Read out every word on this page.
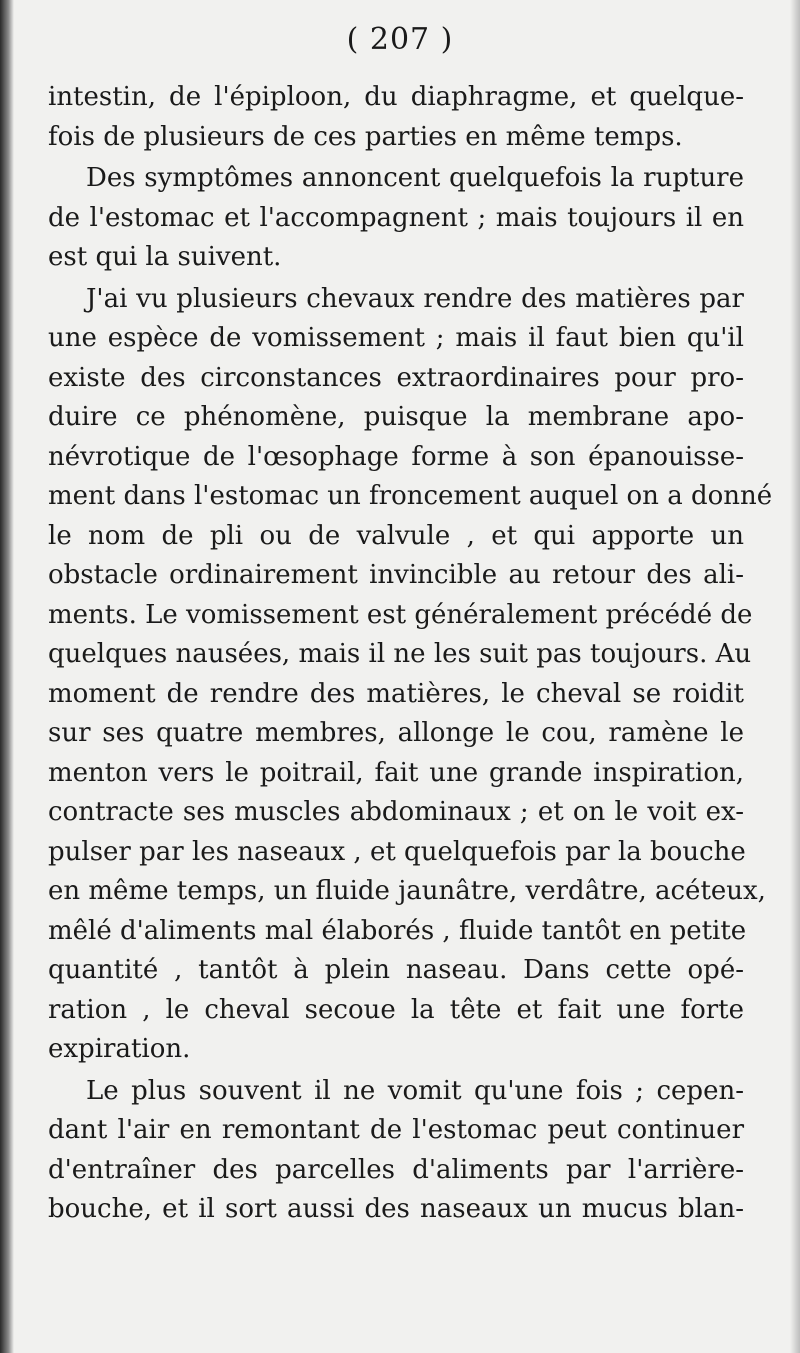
( 207 )
intestin, de l'épiploon, du diaphragme, et quelque-
fois de plusieurs de ces parties en même temps.
Des symptômes annoncent quelquefois la rupture
de l'estomac et l'accompagnent ; mais toujours il en
est qui la suivent.
J'ai vu plusieurs chevaux rendre des matières par
une espèce de vomissement ; mais il faut bien qu'il
existe des circonstances extraordinaires pour pro-
duire ce phénomène, puisque la membrane apo-
névrotique de l'œsophage forme à son épanouisse-
ment dans l'estomac un froncement auquel on a donné
le nom de pli ou de valvule , et qui apporte un
obstacle ordinairement invincible au retour des ali-
ments. Le vomissement est généralement précédé de
quelques nausées, mais il ne les suit pas toujours. Au
moment de rendre des matières, le cheval se roidit
sur ses quatre membres, allonge le cou, ramène le
menton vers le poitrail, fait une grande inspiration,
contracte ses muscles abdominaux ; et on le voit ex-
pulser par les naseaux , et quelquefois par la bouche
en même temps, un fluide jaunâtre, verdâtre, acéteux,
mêlé d'aliments mal élaborés , fluide tantôt en petite
quantité , tantôt à plein naseau. Dans cette opé-
ration , le cheval secoue la tête et fait une forte
expiration.
Le plus souvent il ne vomit qu'une fois ; cepen-
dant l'air en remontant de l'estomac peut continuer
d'entraîner des parcelles d'aliments par l'arrière-
bouche, et il sort aussi des naseaux un mucus blan-
